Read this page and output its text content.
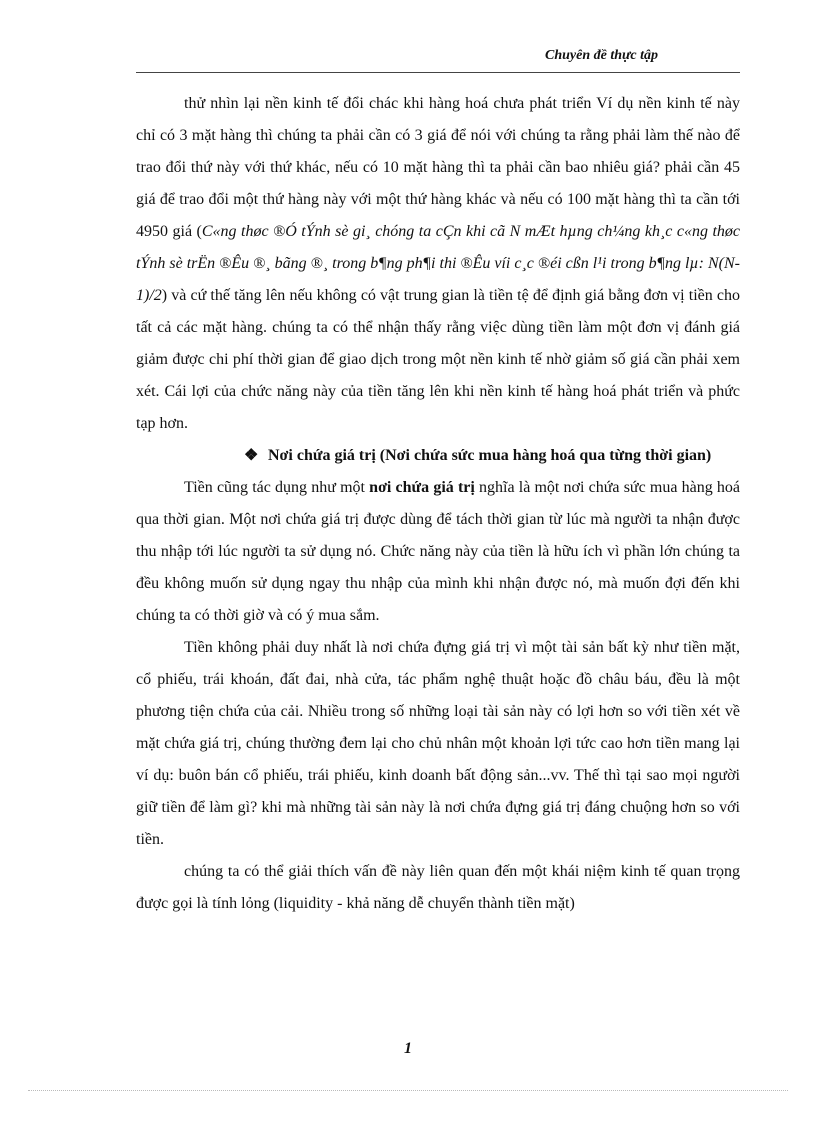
Chuyên đề thực tập

thử nhìn lại nền kinh tế đổi chác khi hàng hoá chưa phát triển Ví dụ nền kinh tế này chỉ có 3 mặt hàng thì chúng ta phải cần có 3 giá để nói với chúng ta rằng phải làm thế nào để trao đổi thứ này với thứ khác, nếu có 10 mặt hàng thì ta phải cần bao nhiêu giá? phải cần 45 giá để trao đổi một thứ hàng này với một thứ hàng khác và nếu có 100 mặt hàng thì ta cần tới 4950 giá (C«ng thøc ®Ó tÝnh sè gi¸ chóng ta cÇn khi cã N mÆt hµng ch¼ng kh¸c c«ng thøc tÝnh sè trËn ®Êu ®¸ bãng ®¸ trong b¶ng ph¶i thi ®Êu víi c¸c ®éi cßn l¹i trong b¶ng lµ: N(N-1)/2) và cứ thế tăng lên nếu không có vật trung gian là tiền tệ để định giá bằng đơn vị tiền cho tất cả các mặt hàng. chúng ta có thể nhận thấy rằng việc dùng tiền làm một đơn vị đánh giá giảm được chi phí thời gian để giao dịch trong một nền kinh tế nhờ giảm số giá cần phải xem xét. Cái lợi của chức năng này của tiền tăng lên khi nền kinh tế hàng hoá phát triển và phức tạp hơn.

❖ Nơi chứa giá trị (Nơi chứa sức mua hàng hoá qua từng thời gian)

Tiền cũng tác dụng như một nơi chứa giá trị nghĩa là một nơi chứa sức mua hàng hoá qua thời gian. Một nơi chứa giá trị được dùng để tách thời gian từ lúc mà người ta nhận được thu nhập tới lúc người ta sử dụng nó. Chức năng này của tiền là hữu ích vì phần lớn chúng ta đều không muốn sử dụng ngay thu nhập của mình khi nhận được nó, mà muốn đợi đến khi chúng ta có thời giờ và có ý mua sắm.

Tiền không phải duy nhất là nơi chứa đựng giá trị vì một tài sản bất kỳ như tiền mặt, cổ phiếu, trái khoán, đất đai, nhà cửa, tác phẩm nghệ thuật hoặc đồ châu báu, đều là một phương tiện chứa của cải. Nhiều trong số những loại tài sản này có lợi hơn so với tiền xét về mặt chứa giá trị, chúng thường đem lại cho chủ nhân một khoản lợi tức cao hơn tiền mang lại ví dụ: buôn bán cổ phiếu, trái phiếu, kinh doanh bất động sản...vv. Thế thì tại sao mọi người giữ tiền để làm gì? khi mà những tài sản này là nơi chứa đựng giá trị đáng chuộng hơn so với tiền.

chúng ta có thể giải thích vấn đề này liên quan đến một khái niệm kinh tế quan trọng được gọi là tính lỏng (liquidity - khả năng dễ chuyển thành tiền mặt)

1
